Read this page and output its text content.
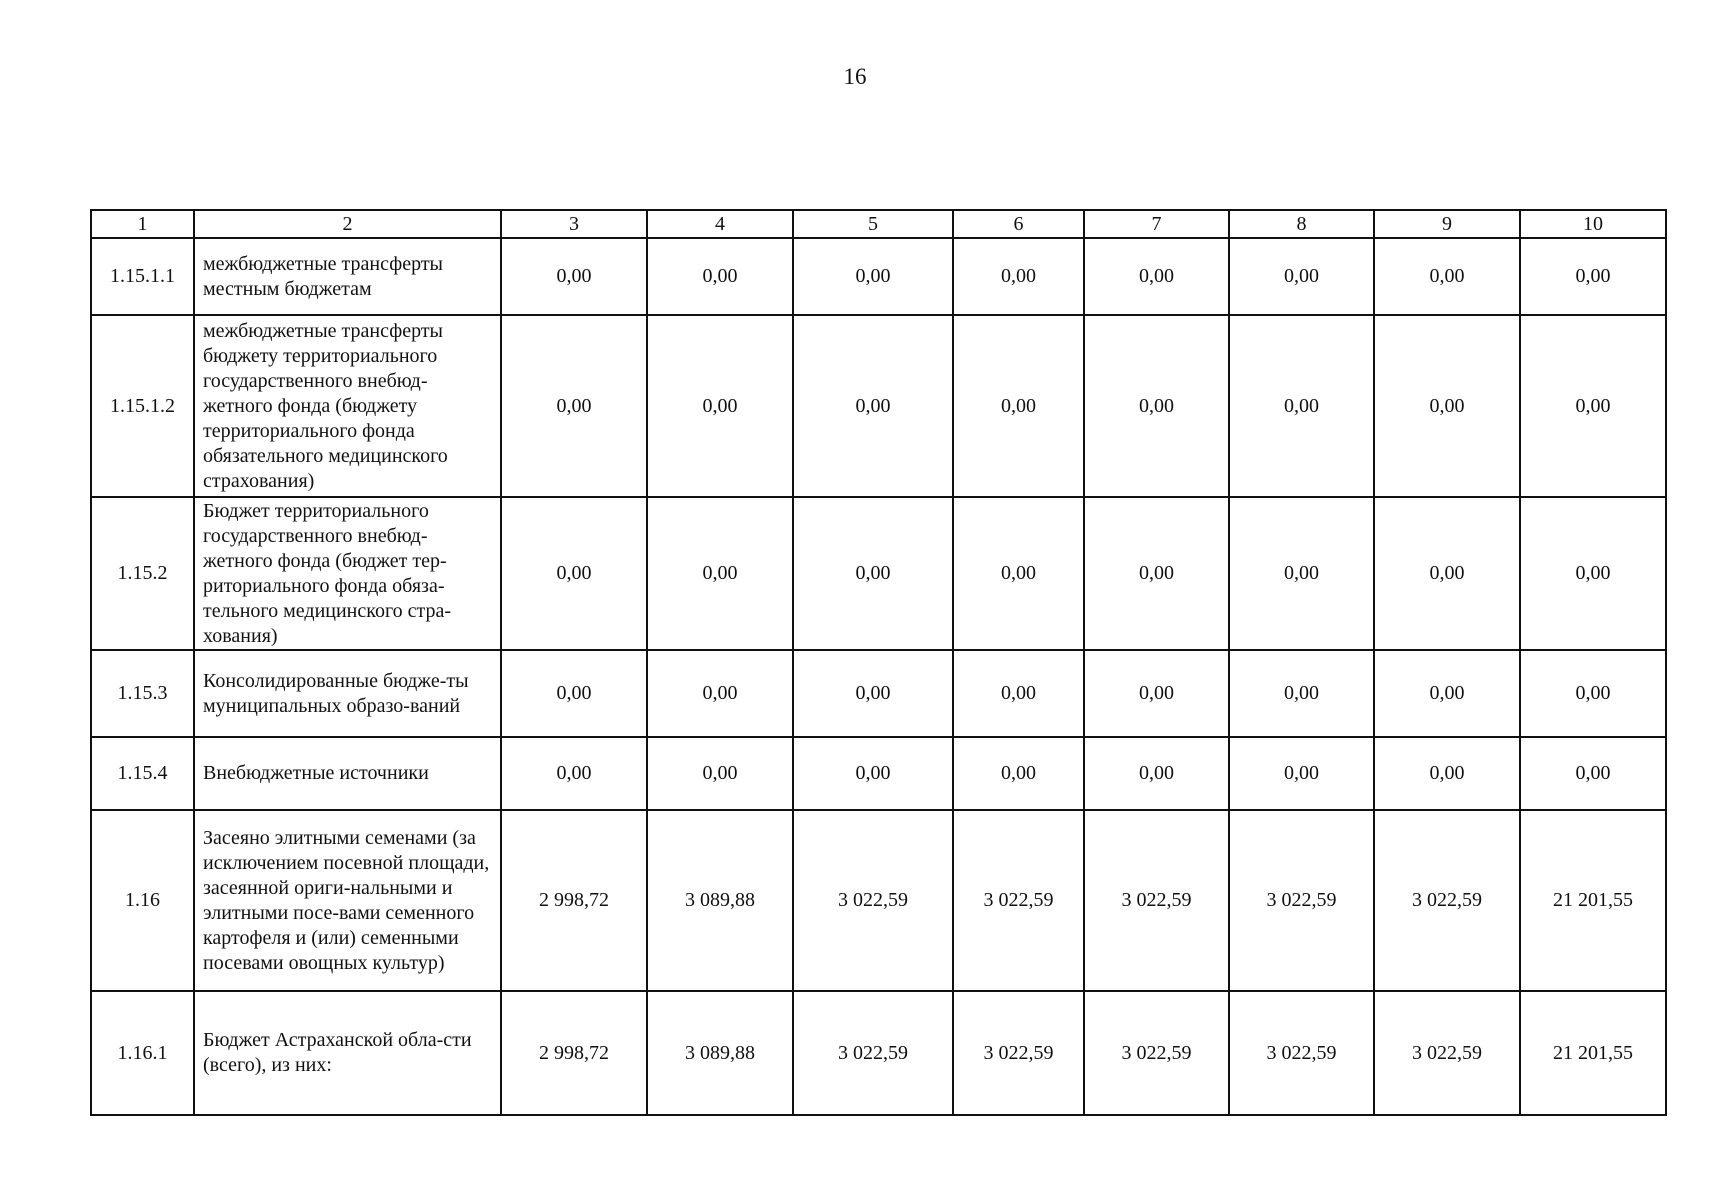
16
1	2	3	4	5	6	7	8	9	10
1.15.1.1	межбюджетные трансферты местным бюджетам	0,00	0,00	0,00	0,00	0,00	0,00	0,00	0,00
1.15.1.2	межбюджетные трансферты бюджету территориального государственного внебюд-жетного фонда (бюджету территориального фонда обязательного медицинского страхования)	0,00	0,00	0,00	0,00	0,00	0,00	0,00	0,00
1.15.2	Бюджет территориального государственного внебюд-жетного фонда (бюджет тер-риториального фонда обяза-тельного медицинского стра-хования)	0,00	0,00	0,00	0,00	0,00	0,00	0,00	0,00
1.15.3	Консолидированные бюдже-ты муниципальных образо-ваний	0,00	0,00	0,00	0,00	0,00	0,00	0,00	0,00
1.15.4	Внебюджетные источники	0,00	0,00	0,00	0,00	0,00	0,00	0,00	0,00
1.16	Засеяно элитными семенами (за исключением посевной площади, засеянной ориги-нальными и элитными посе-вами семенного картофеля и (или) семенными посевами овощных культур)	2 998,72	3 089,88	3 022,59	3 022,59	3 022,59	3 022,59	3 022,59	21 201,55
1.16.1	Бюджет Астраханской обла-сти (всего), из них:	2 998,72	3 089,88	3 022,59	3 022,59	3 022,59	3 022,59	3 022,59	21 201,55
